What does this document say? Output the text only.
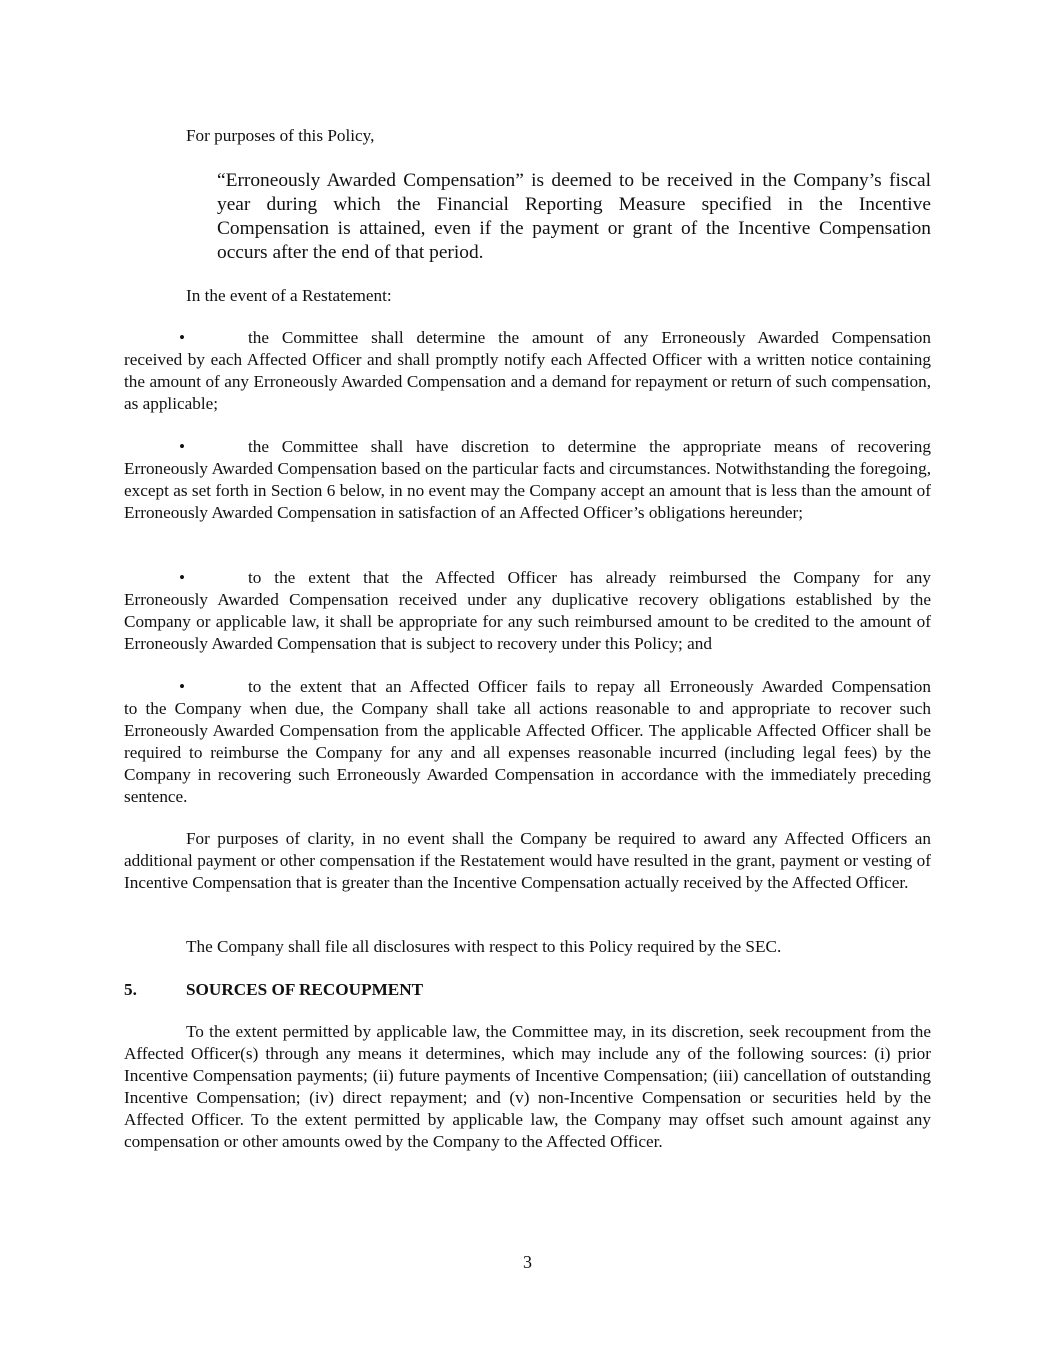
For purposes of this Policy,

“Erroneously Awarded Compensation” is deemed to be received in the Company’s fiscal year during which the Financial Reporting Measure specified in the Incentive Compensation is attained, even if the payment or grant of the Incentive Compensation occurs after the end of that period.

In the event of a Restatement:

•	the Committee shall determine the amount of any Erroneously Awarded Compensation
received by each Affected Officer and shall promptly notify each Affected Officer with a written notice containing the amount of any Erroneously Awarded Compensation and a demand for repayment or return of such compensation, as applicable;
•	the Committee shall have discretion to determine the appropriate means of recovering
Erroneously Awarded Compensation based on the particular facts and circumstances. Notwithstanding the foregoing, except as set forth in Section 6 below, in no event may the Company accept an amount that is less than the amount of Erroneously Awarded Compensation in satisfaction of an Affected Officer’s obligations hereunder;
•	to the extent that the Affected Officer has already reimbursed the Company for any
Erroneously Awarded Compensation received under any duplicative recovery obligations established by the Company or applicable law, it shall be appropriate for any such reimbursed amount to be credited to the amount of Erroneously Awarded Compensation that is subject to recovery under this Policy; and
•	to the extent that an Affected Officer fails to repay all Erroneously Awarded Compensation
to the Company when due, the Company shall take all actions reasonable to and appropriate to recover such Erroneously Awarded Compensation from the applicable Affected Officer. The applicable Affected Officer shall be required to reimburse the Company for any and all expenses reasonable incurred (including legal fees) by the Company in recovering such Erroneously Awarded Compensation in accordance with the immediately preceding sentence.

For purposes of clarity, in no event shall the Company be required to award any Affected Officers an additional payment or other compensation if the Restatement would have resulted in the grant, payment or vesting of Incentive Compensation that is greater than the Incentive Compensation actually received by the Affected Officer.

The Company shall file all disclosures with respect to this Policy required by the SEC.

5.	SOURCES OF RECOUPMENT

To the extent permitted by applicable law, the Committee may, in its discretion, seek recoupment from the Affected Officer(s) through any means it determines, which may include any of the following sources: (i) prior Incentive Compensation payments; (ii) future payments of Incentive Compensation; (iii) cancellation of outstanding Incentive Compensation; (iv) direct repayment; and (v) non-Incentive Compensation or securities held by the Affected Officer. To the extent permitted by applicable law, the Company may offset such amount against any compensation or other amounts owed by the Company to the Affected Officer.

3
